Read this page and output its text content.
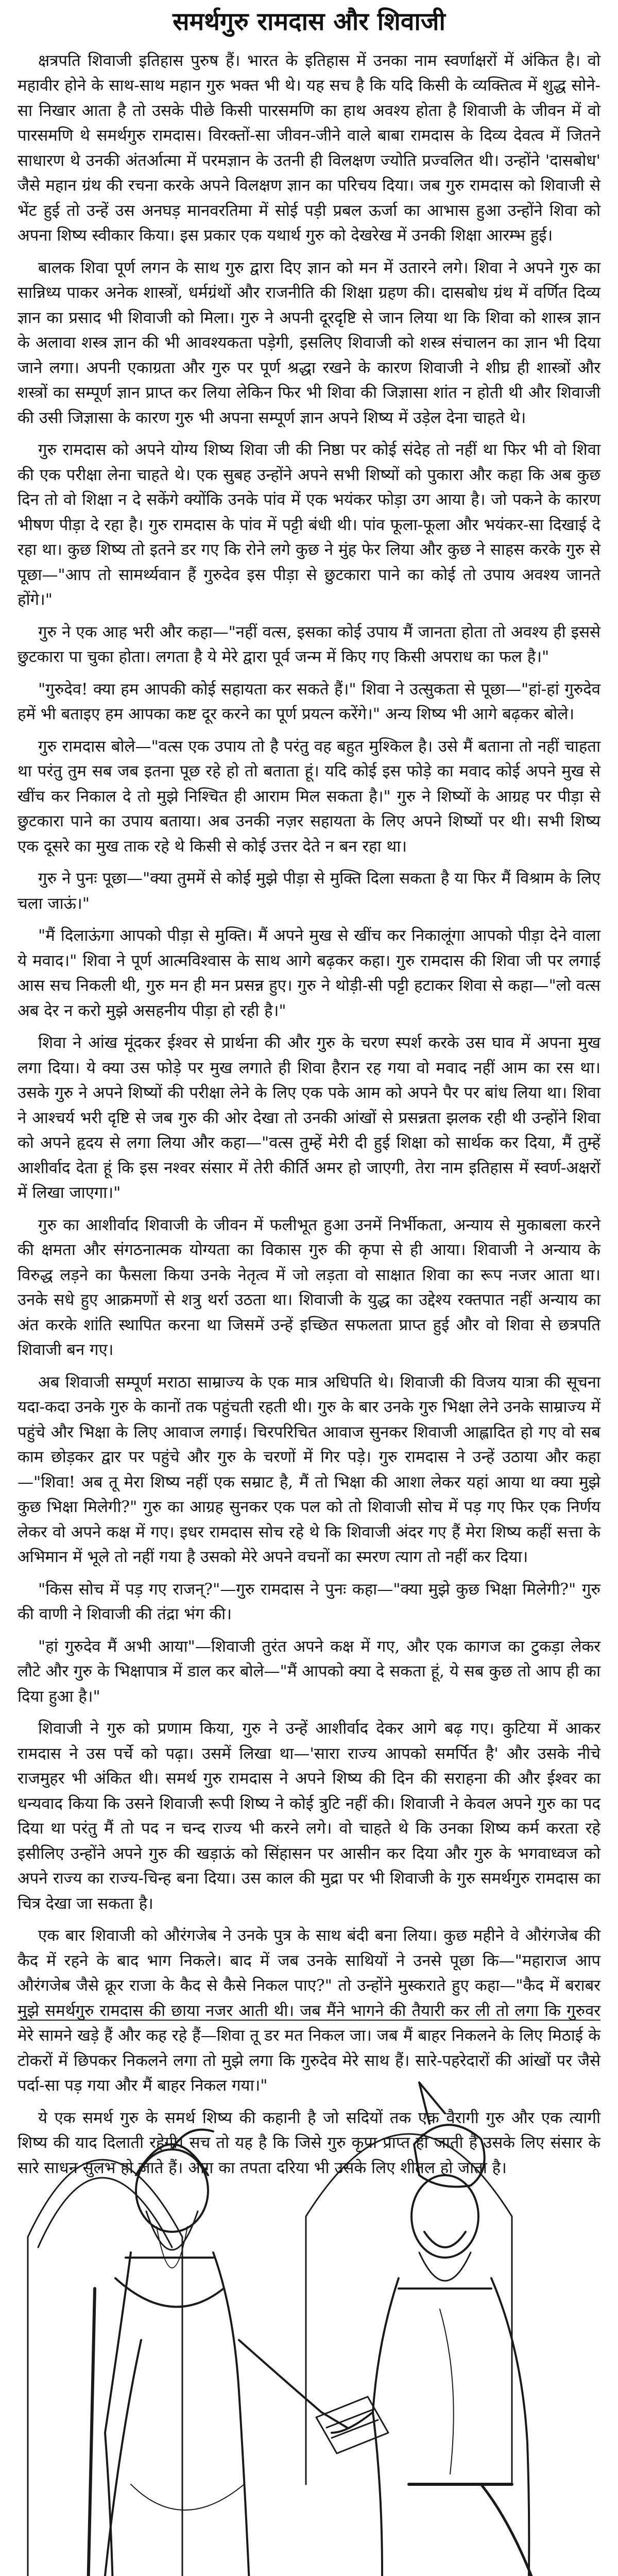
समर्थगुरु रामदास और शिवाजी

क्षत्रपति शिवाजी इतिहास पुरुष हैं। भारत के इतिहास में उनका नाम स्वर्णाक्षरों में अंकित है। वो महावीर होने के साथ-साथ महान गुरु भक्त भी थे। यह सच है कि यदि किसी के व्यक्तित्व में शुद्ध सोने-सा निखार आता है तो उसके पीछे किसी पारसमणि का हाथ अवश्य होता है शिवाजी के जीवन में वो पारसमणि थे समर्थगुरु रामदास। विरक्तों-सा जीवन-जीने वाले बाबा रामदास के दिव्य देवत्व में जितने साधारण थे उनकी अंतर्आत्मा में परमज्ञान के उतनी ही विलक्षण ज्योति प्रज्वलित थी। उन्होंने 'दासबोध' जैसे महान ग्रंथ की रचना करके अपने विलक्षण ज्ञान का परिचय दिया। जब गुरु रामदास को शिवाजी से भेंट हुई तो उन्हें उस अनघड़ मानवरतिमा में सोई पड़ी प्रबल ऊर्जा का आभास हुआ उन्होंने शिवा को अपना शिष्य स्वीकार किया। इस प्रकार एक यथार्थ गुरु को देखरेख में उनकी शिक्षा आरम्भ हुई।

बालक शिवा पूर्ण लगन के साथ गुरु द्वारा दिए ज्ञान को मन में उतारने लगे। शिवा ने अपने गुरु का सान्निध्य पाकर अनेक शास्त्रों, धर्मग्रंथों और राजनीति की शिक्षा ग्रहण की। दासबोध ग्रंथ में वर्णित दिव्य ज्ञान का प्रसाद भी शिवाजी को मिला। गुरु ने अपनी दूरदृष्टि से जान लिया था कि शिवा को शास्त्र ज्ञान के अलावा शस्त्र ज्ञान की भी आवश्यकता पड़ेगी, इसलिए शिवाजी को शस्त्र संचालन का ज्ञान भी दिया जाने लगा। अपनी एकाग्रता और गुरु पर पूर्ण श्रद्धा रखने के कारण शिवाजी ने शीघ्र ही शास्त्रों और शस्त्रों का सम्पूर्ण ज्ञान प्राप्त कर लिया लेकिन फिर भी शिवा की जिज्ञासा शांत न होती थी और शिवाजी की उसी जिज्ञासा के कारण गुरु भी अपना सम्पूर्ण ज्ञान अपने शिष्य में उड़ेल देना चाहते थे।

गुरु रामदास को अपने योग्य शिष्य शिवा जी की निष्ठा पर कोई संदेह तो नहीं था फिर भी वो शिवा की एक परीक्षा लेना चाहते थे। एक सुबह उन्होंने अपने सभी शिष्यों को पुकारा और कहा कि अब कुछ दिन तो वो शिक्षा न दे सकेंगे क्योंकि उनके पांव में एक भयंकर फोड़ा उग आया है। जो पकने के कारण भीषण पीड़ा दे रहा है। गुरु रामदास के पांव में पट्टी बंधी थी। पांव फूला-फूला और भयंकर-सा दिखाई दे रहा था। कुछ शिष्य तो इतने डर गए कि रोने लगे कुछ ने मुंह फेर लिया और कुछ ने साहस करके गुरु से पूछा—"आप तो सामर्थ्यवान हैं गुरुदेव इस पीड़ा से छुटकारा पाने का कोई तो उपाय अवश्य जानते होंगे।"

गुरु ने एक आह भरी और कहा—"नहीं वत्स, इसका कोई उपाय मैं जानता होता तो अवश्य ही इससे छुटकारा पा चुका होता। लगता है ये मेरे द्वारा पूर्व जन्म में किए गए किसी अपराध का फल है।"

"गुरुदेव! क्या हम आपकी कोई सहायता कर सकते हैं।" शिवा ने उत्सुकता से पूछा—"हां-हां गुरुदेव हमें भी बताइए हम आपका कष्ट दूर करने का पूर्ण प्रयत्न करेंगे।" अन्य शिष्य भी आगे बढ़कर बोले।

गुरु रामदास बोले—"वत्स एक उपाय तो है परंतु वह बहुत मुश्किल है। उसे मैं बताना तो नहीं चाहता था परंतु तुम सब जब इतना पूछ रहे हो तो बताता हूं। यदि कोई इस फोड़े का मवाद कोई अपने मुख से खींच कर निकाल दे तो मुझे निश्चित ही आराम मिल सकता है।" गुरु ने शिष्यों के आग्रह पर पीड़ा से छुटकारा पाने का उपाय बताया। अब उनकी नज़र सहायता के लिए अपने शिष्यों पर थी। सभी शिष्य एक दूसरे का मुख ताक रहे थे किसी से कोई उत्तर देते न बन रहा था।

गुरु ने पुनः पूछा—"क्या तुममें से कोई मुझे पीड़ा से मुक्ति दिला सकता है या फिर मैं विश्राम के लिए चला जाऊं।"

"मैं दिलाऊंगा आपको पीड़ा से मुक्ति। मैं अपने मुख से खींच कर निकालूंगा आपको पीड़ा देने वाला ये मवाद।" शिवा ने पूर्ण आत्मविश्वास के साथ आगे बढ़कर कहा। गुरु रामदास की शिवा जी पर लगाई आस सच निकली थी, गुरु मन ही मन प्रसन्न हुए। गुरु ने थोड़ी-सी पट्टी हटाकर शिवा से कहा—"लो वत्स अब देर न करो मुझे असहनीय पीड़ा हो रही है।"

शिवा ने आंख मूंदकर ईश्वर से प्रार्थना की और गुरु के चरण स्पर्श करके उस घाव में अपना मुख लगा दिया। ये क्या उस फोड़े पर मुख लगाते ही शिवा हैरान रह गया वो मवाद नहीं आम का रस था। उसके गुरु ने अपने शिष्यों की परीक्षा लेने के लिए एक पके आम को अपने पैर पर बांध लिया था। शिवा ने आश्चर्य भरी दृष्टि से जब गुरु की ओर देखा तो उनकी आंखों से प्रसन्नता झलक रही थी उन्होंने शिवा को अपने हृदय से लगा लिया और कहा—"वत्स तुम्हें मेरी दी हुई शिक्षा को सार्थक कर दिया, मैं तुम्हें आशीर्वाद देता हूं कि इस नश्वर संसार में तेरी कीर्ति अमर हो जाएगी, तेरा नाम इतिहास में स्वर्ण-अक्षरों में लिखा जाएगा।"

गुरु का आशीर्वाद शिवाजी के जीवन में फलीभूत हुआ उनमें निर्भीकता, अन्याय से मुकाबला करने की क्षमता और संगठनात्मक योग्यता का विकास गुरु की कृपा से ही आया। शिवाजी ने अन्याय के विरुद्ध लड़ने का फैसला किया उनके नेतृत्व में जो लड़ता वो साक्षात शिवा का रूप नजर आता था। उनके सधे हुए आक्रमणों से शत्रु थर्रा उठता था। शिवाजी के युद्ध का उद्देश्य रक्तपात नहीं अन्याय का अंत करके शांति स्थापित करना था जिसमें उन्हें इच्छित सफलता प्राप्त हुई और वो शिवा से छत्रपति शिवाजी बन गए।

अब शिवाजी सम्पूर्ण मराठा साम्राज्य के एक मात्र अधिपति थे। शिवाजी की विजय यात्रा की सूचना यदा-कदा उनके गुरु के कानों तक पहुंचती रहती थी। गुरु के बार उनके गुरु भिक्षा लेने उनके साम्राज्य में पहुंचे और भिक्षा के लिए आवाज लगाई। चिरपरिचित आवाज सुनकर शिवाजी आह्लादित हो गए वो सब काम छोड़कर द्वार पर पहुंचे और गुरु के चरणों में गिर पड़े। गुरु रामदास ने उन्हें उठाया और कहा—"शिवा! अब तू मेरा शिष्य नहीं एक सम्राट है, मैं तो भिक्षा की आशा लेकर यहां आया था क्या मुझे कुछ भिक्षा मिलेगी?" गुरु का आग्रह सुनकर एक पल को तो शिवाजी सोच में पड़ गए फिर एक निर्णय लेकर वो अपने कक्ष में गए। इधर रामदास सोच रहे थे कि शिवाजी अंदर गए हैं मेरा शिष्य कहीं सत्ता के अभिमान में भूले तो नहीं गया है उसको मेरे अपने वचनों का स्मरण त्याग तो नहीं कर दिया।

"किस सोच में पड़ गए राजन्?"—गुरु रामदास ने पुनः कहा—"क्या मुझे कुछ भिक्षा मिलेगी?" गुरु की वाणी ने शिवाजी की तंद्रा भंग की।

"हां गुरुदेव मैं अभी आया"—शिवाजी तुरंत अपने कक्ष में गए, और एक कागज का टुकड़ा लेकर लौटे और गुरु के भिक्षापात्र में डाल कर बोले—"मैं आपको क्या दे सकता हूं, ये सब कुछ तो आप ही का दिया हुआ है।"

शिवाजी ने गुरु को प्रणाम किया, गुरु ने उन्हें आशीर्वाद देकर आगे बढ़ गए। कुटिया में आकर रामदास ने उस पर्चे को पढ़ा। उसमें लिखा था—'सारा राज्य आपको समर्पित है' और उसके नीचे राजमुहर भी अंकित थी। समर्थ गुरु रामदास ने अपने शिष्य की दिन की सराहना की और ईश्वर का धन्यवाद किया कि उसने शिवाजी रूपी शिष्य ने कोई त्रुटि नहीं की। शिवाजी ने केवल अपने गुरु का पद दिया था परंतु मैं तो पद न चन्द राज्य भी करने लगे। वो चाहते थे कि उनका शिष्य कर्म करता रहे इसीलिए उन्होंने अपने गुरु की खड़ाऊं को सिंहासन पर आसीन कर दिया और गुरु के भगवाध्वज को अपने राज्य का राज्य-चिन्ह बना दिया। उस काल की मुद्रा पर भी शिवाजी के गुरु समर्थगुरु रामदास का चित्र देखा जा सकता है।

एक बार शिवाजी को औरंगजेब ने उनके पुत्र के साथ बंदी बना लिया। कुछ महीने वे औरंगजेब की कैद में रहने के बाद भाग निकले। बाद में जब उनके साथियों ने उनसे पूछा कि—"महाराज आप औरंगजेब जैसे क्रूर राजा के कैद से कैसे निकल पाए?" तो उन्होंने मुस्कराते हुए कहा—"कैद में बराबर मुझे समर्थगुरु रामदास की छाया नजर आती थी। जब मैंने भागने की तैयारी कर ली तो लगा कि गुरुवर मेरे सामने खड़े हैं और कह रहे हैं—शिवा तू डर मत निकल जा। जब मैं बाहर निकलने के लिए मिठाई के टोकरों में छिपकर निकलने लगा तो मुझे लगा कि गुरुदेव मेरे साथ हैं। सारे-पहरेदारों की आंखों पर जैसे पर्दा-सा पड़ गया और मैं बाहर निकल गया।"

ये एक समर्थ गुरु के समर्थ शिष्य की कहानी है जो सदियों तक एक वैरागी गुरु और एक त्यागी शिष्य की याद दिलाती रहेगी। सच तो यह है कि जिसे गुरु कृपा प्राप्त हो जाती है उसके लिए संसार के सारे साधन सुलभ हो जाते हैं। आग का तपता दरिया भी उसके लिए शीतल हो जाता है।
